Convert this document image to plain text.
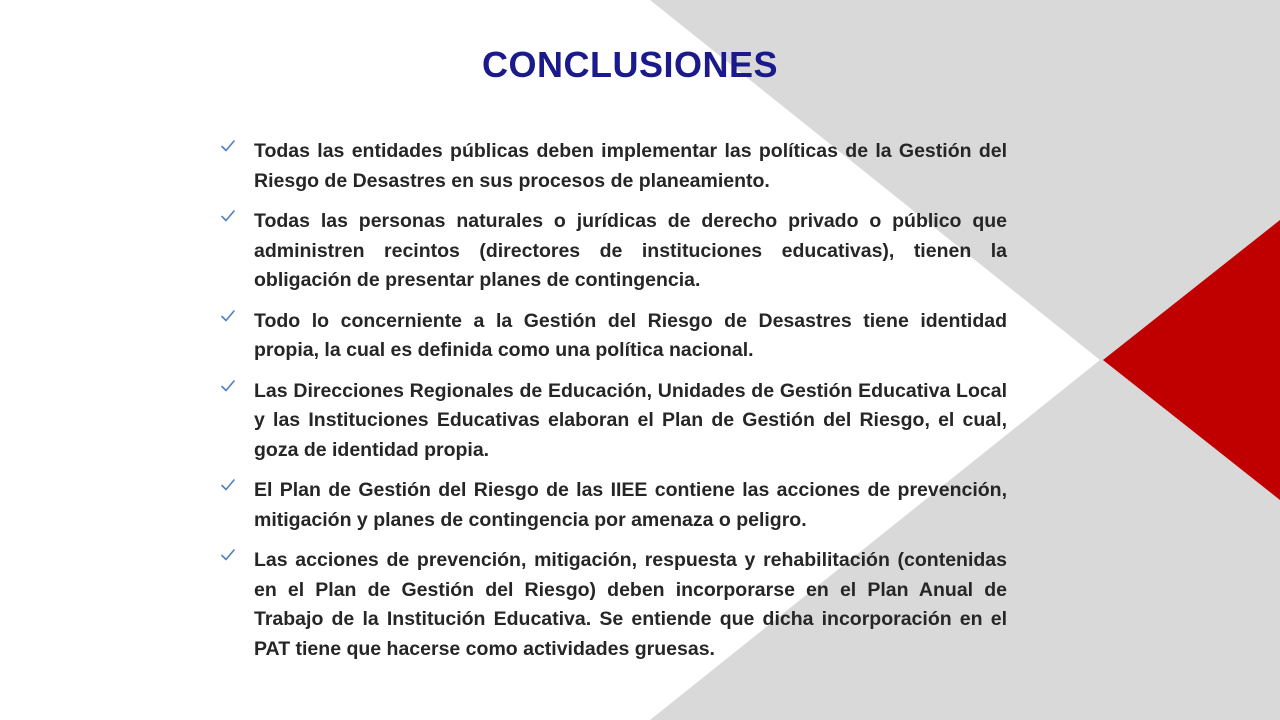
CONCLUSIONES
Todas las entidades públicas deben implementar las políticas de la Gestión del Riesgo de Desastres en sus procesos de planeamiento.
Todas las personas naturales o jurídicas de derecho privado o público que administren recintos (directores de instituciones educativas), tienen la obligación de presentar planes de contingencia.
Todo lo concerniente a la Gestión del Riesgo de Desastres tiene identidad propia, la cual es definida como una política nacional.
Las Direcciones Regionales de Educación, Unidades de Gestión Educativa Local y las Instituciones Educativas elaboran el Plan de Gestión del Riesgo, el cual, goza de identidad propia.
El Plan de Gestión del Riesgo de las IIEE contiene las acciones de prevención, mitigación y planes de contingencia por amenaza o peligro.
Las acciones de prevención, mitigación, respuesta y rehabilitación (contenidas en el Plan de Gestión del Riesgo) deben incorporarse en el Plan Anual de Trabajo de la Institución Educativa. Se entiende que dicha incorporación en el PAT tiene que hacerse como actividades gruesas.
